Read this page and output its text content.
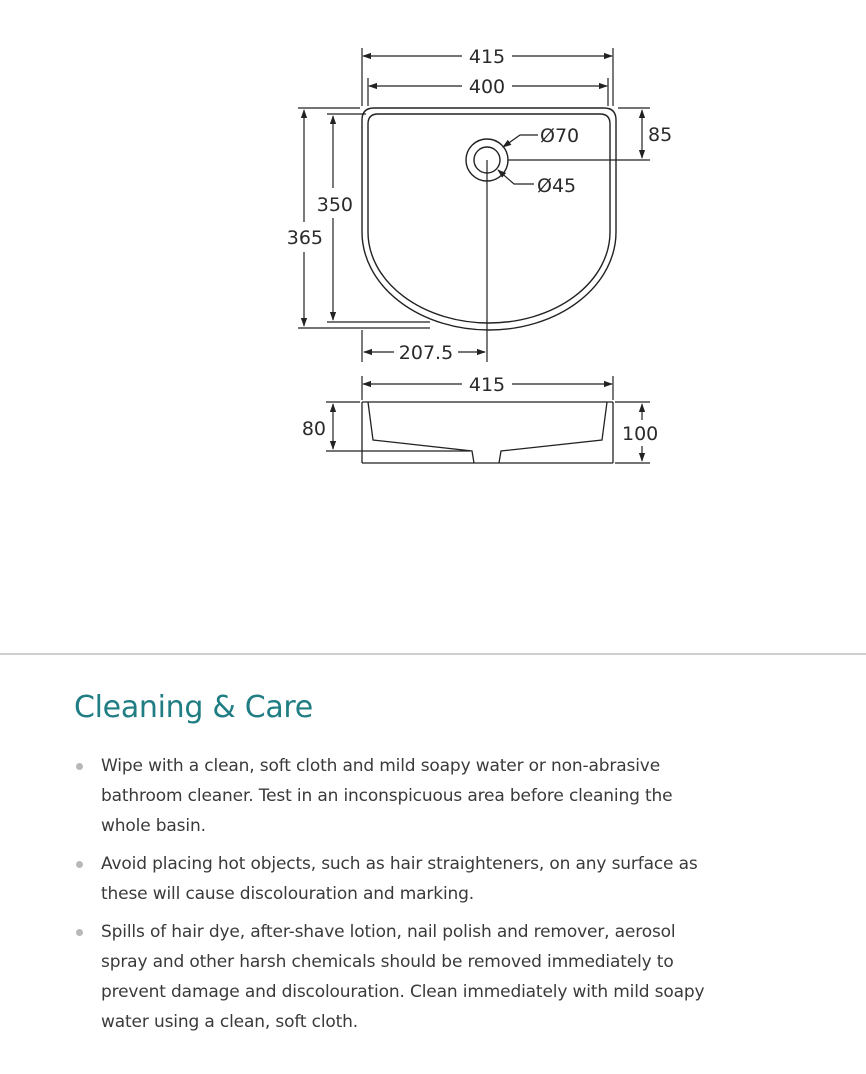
415
400
85
Ø70
Ø45
350
365
207.5
415
80	100
Cleaning & Care
Wipe with a clean, soft cloth and mild soapy water or non-abrasive bathroom cleaner. Test in an inconspicuous area before cleaning the whole basin.
Avoid placing hot objects, such as hair straighteners, on any surface as these will cause discolouration and marking.
Spills of hair dye, after-shave lotion, nail polish and remover, aerosol spray and other harsh chemicals should be removed immediately to prevent damage and discolouration. Clean immediately with mild soapy water using a clean, soft cloth.
